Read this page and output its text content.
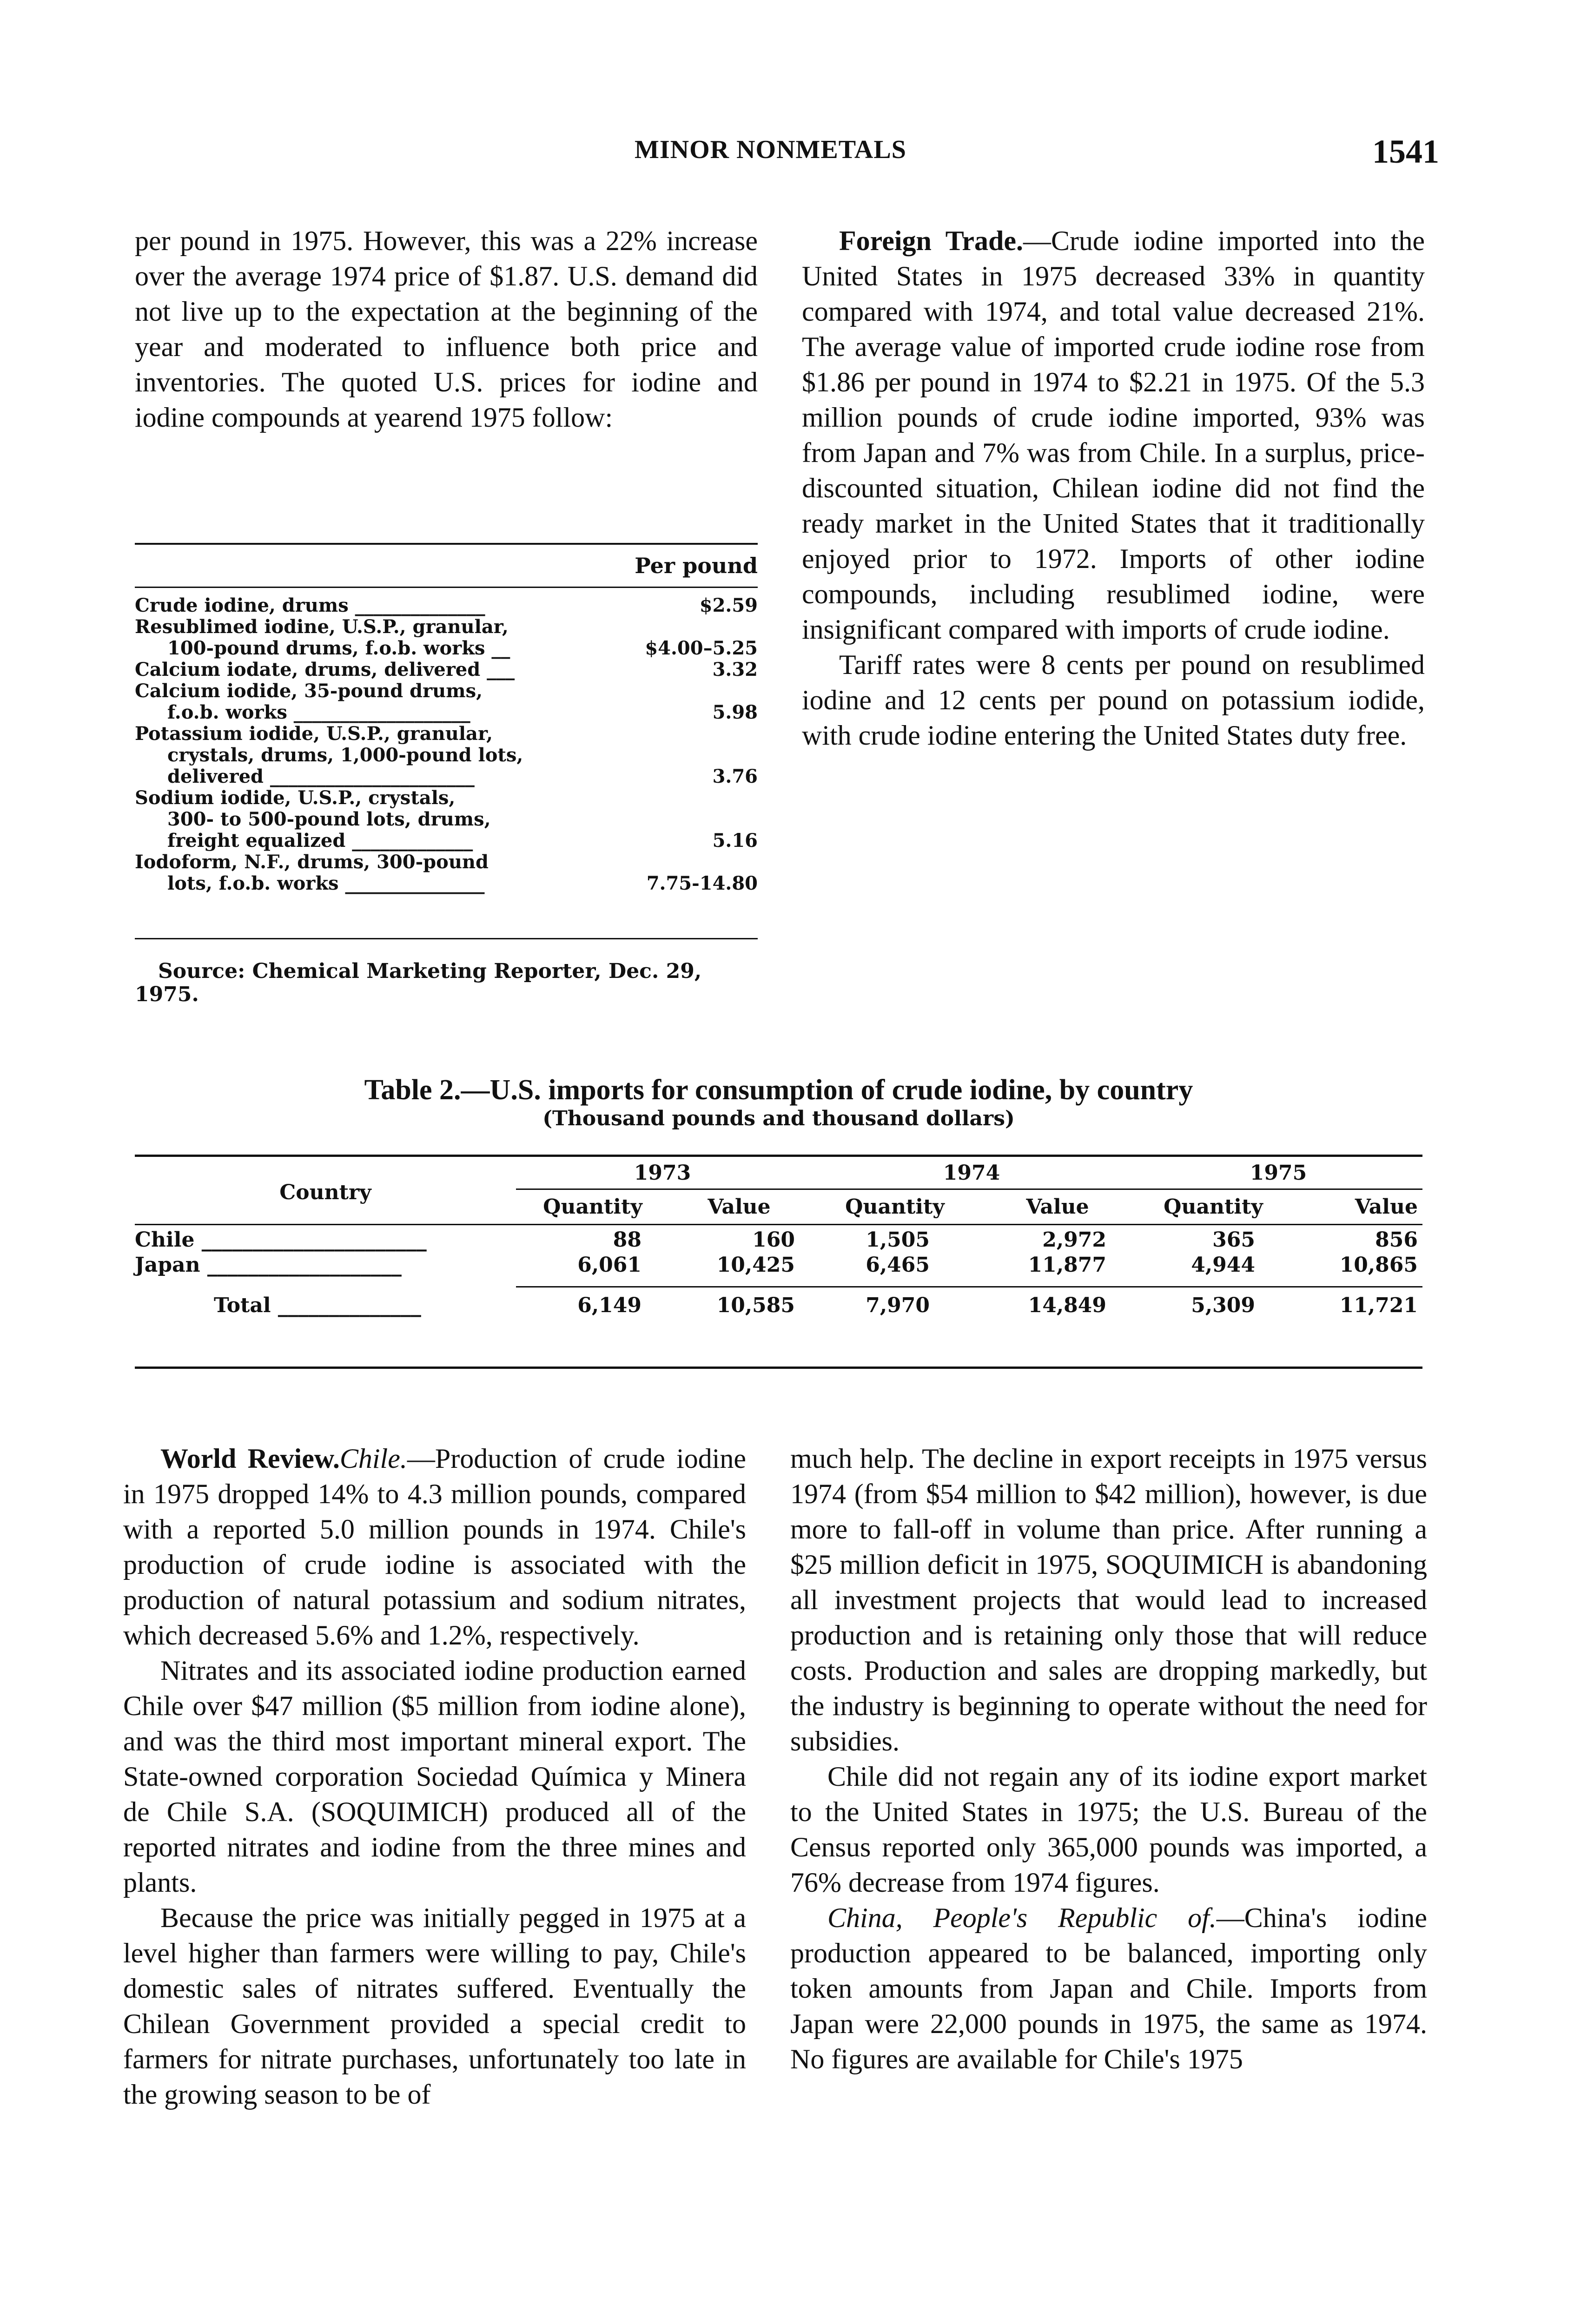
MINOR NONMETALS	1541

per pound in 1975. However, this was a 22% increase over the average 1974 price of $1.87. U.S. demand did not live up to the expectation at the beginning of the year and moderated to influence both price and inventories. The quoted U.S. prices for iodine and iodine compounds at yearend 1975 follow:

Per pound
Crude iodine, drums ______________	$2.59
Resublimed iodine, U.S.P., granular,
100-pound drums, f.o.b. works __	$4.00–5.25
Calcium iodate, drums, delivered ___	3.32
Calcium iodide, 35-pound drums,
f.o.b. works ___________________	5.98
Potassium iodide, U.S.P., granular,
crystals, drums, 1,000-pound lots,
delivered ______________________	3.76
Sodium iodide, U.S.P., crystals,
300- to 500-pound lots, drums,
freight equalized _____________	5.16
Iodoform, N.F., drums, 300-pound
lots, f.o.b. works _______________	7.75-14.80
Source: Chemical Marketing Reporter, Dec. 29, 1975.

Foreign Trade.—Crude iodine imported into the United States in 1975 decreased 33% in quantity compared with 1974, and total value decreased 21%. The average value of imported crude iodine rose from $1.86 per pound in 1974 to $2.21 in 1975. Of the 5.3 million pounds of crude iodine imported, 93% was from Japan and 7% was from Chile. In a surplus, price-discounted situation, Chilean iodine did not find the ready market in the United States that it traditionally enjoyed prior to 1972. Imports of other iodine compounds, including resublimed iodine, were insignificant compared with imports of crude iodine.

Tariff rates were 8 cents per pound on resublimed iodine and 12 cents per pound on potassium iodide, with crude iodine entering the United States duty free.

Table 2.—U.S. imports for consumption of crude iodine, by country
(Thousand pounds and thousand dollars)
Country	1973		1974		1975	
	Quantity	Value	Quantity	Value	Quantity	Value

Chile ______________________	88	160	1,505	2,972	365	856
Japan ___________________	6,061	10,425	6,465	11,877	4,944	10,865

Total ______________	6,149	10,585	7,970	14,849	5,309	11,721

World Review.Chile.—Production of crude iodine in 1975 dropped 14% to 4.3 million pounds, compared with a reported 5.0 million pounds in 1974. Chile's production of crude iodine is associated with the production of natural potassium and sodium nitrates, which decreased 5.6% and 1.2%, respectively.

Nitrates and its associated iodine production earned Chile over $47 million ($5 million from iodine alone), and was the third most important mineral export. The State-owned corporation Sociedad Química y Minera de Chile S.A. (SOQUIMICH) produced all of the reported nitrates and iodine from the three mines and plants.

Because the price was initially pegged in 1975 at a level higher than farmers were willing to pay, Chile's domestic sales of nitrates suffered. Eventually the Chilean Government provided a special credit to farmers for nitrate purchases, unfortunately too late in the growing season to be of

much help. The decline in export receipts in 1975 versus 1974 (from $54 million to $42 million), however, is due more to fall-off in volume than price. After running a $25 million deficit in 1975, SOQUIMICH is abandoning all investment projects that would lead to increased production and is retaining only those that will reduce costs. Production and sales are dropping markedly, but the industry is beginning to operate without the need for subsidies.

Chile did not regain any of its iodine export market to the United States in 1975; the U.S. Bureau of the Census reported only 365,000 pounds was imported, a 76% decrease from 1974 figures.

China, People's Republic of.—China's iodine production appeared to be balanced, importing only token amounts from Japan and Chile. Imports from Japan were 22,000 pounds in 1975, the same as 1974. No figures are available for Chile's 1975
